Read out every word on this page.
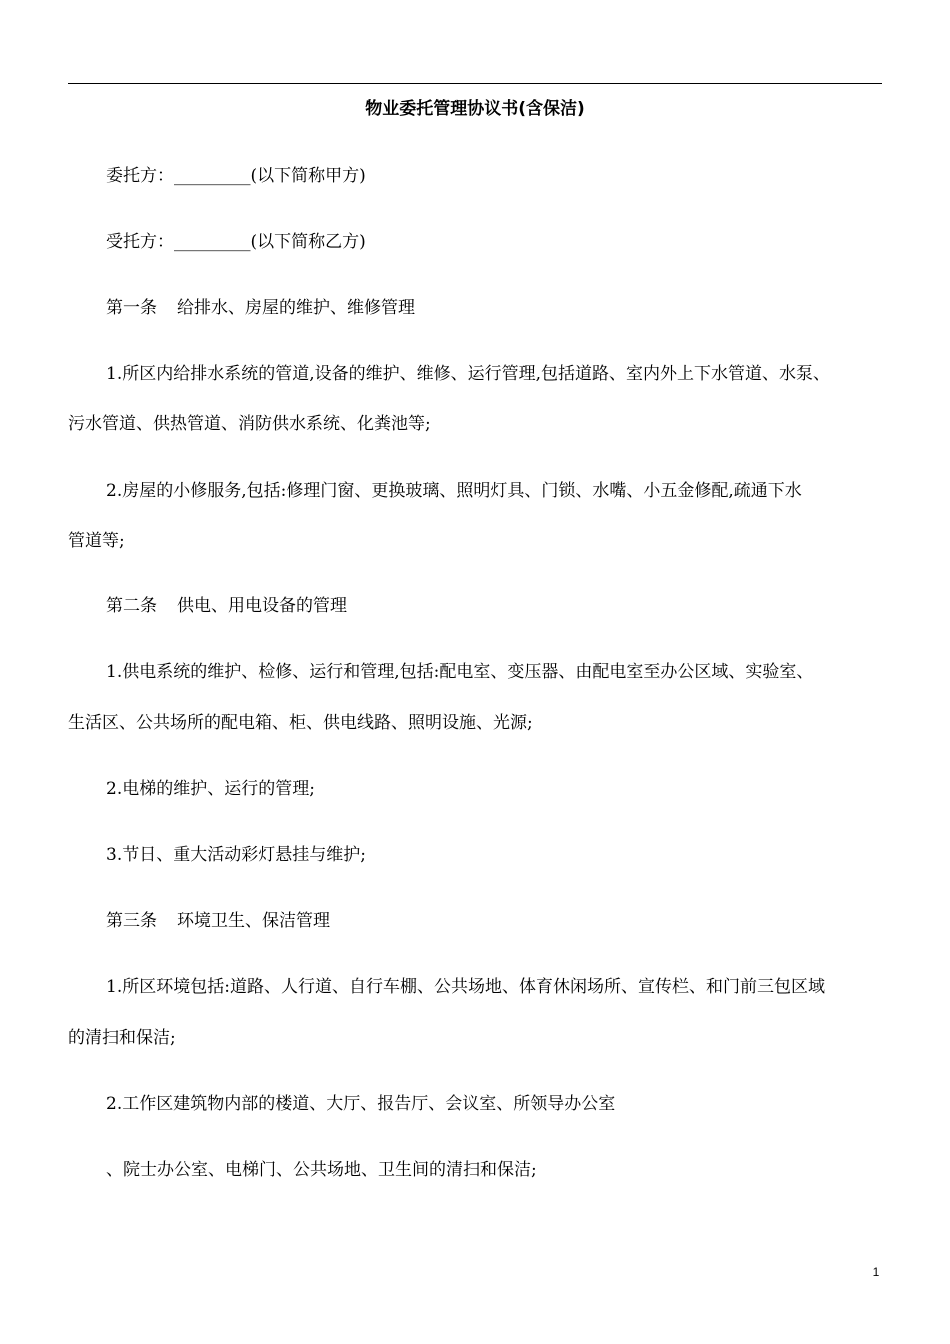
物业委托管理协议书(含保洁)
委托方：_________(以下简称甲方)
受托方：_________(以下简称乙方)
第一条 给排水、房屋的维护、维修管理
1.所区内给排水系统的管道,设备的维护、维修、运行管理,包括道路、室内外上下水管道、水泵、
污水管道、供热管道、消防供水系统、化粪池等;
2.房屋的小修服务,包括:修理门窗、更换玻璃、照明灯具、门锁、水嘴、小五金修配,疏通下水
管道等;
第二条 供电、用电设备的管理
1.供电系统的维护、检修、运行和管理,包括:配电室、变压器、由配电室至办公区域、实验室、
生活区、公共场所的配电箱、柜、供电线路、照明设施、光源;
2.电梯的维护、运行的管理;
3.节日、重大活动彩灯悬挂与维护;
第三条 环境卫生、保洁管理
1.所区环境包括:道路、人行道、自行车棚、公共场地、体育休闲场所、宣传栏、和门前三包区域
的清扫和保洁;
2.工作区建筑物内部的楼道、大厅、报告厅、会议室、所领导办公室
、院士办公室、电梯门、公共场地、卫生间的清扫和保洁;
1
